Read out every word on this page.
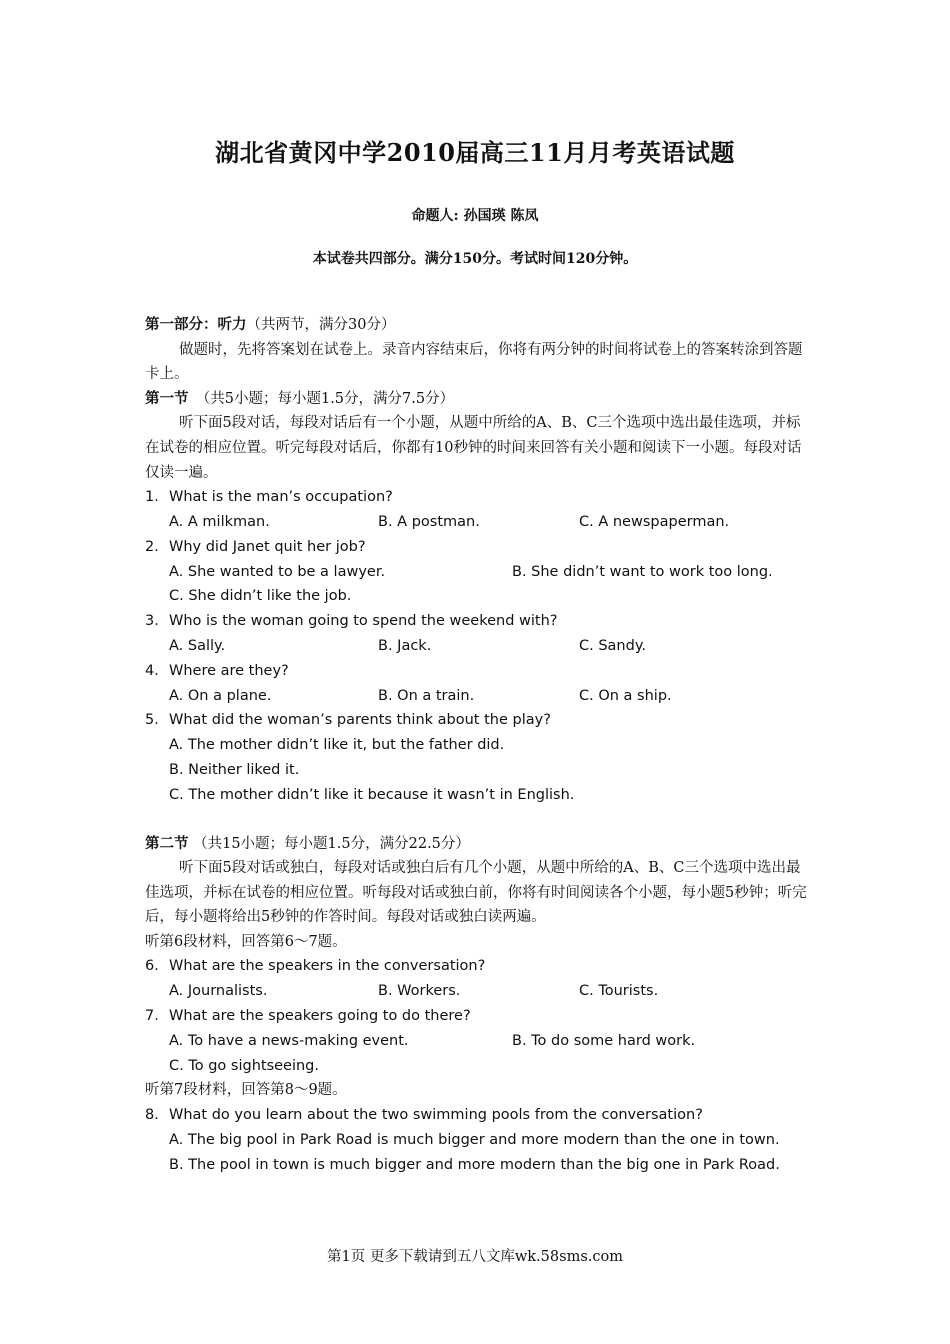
湖北省黄冈中学2010届高三11月月考英语试题
命题人: 孙国瑛 陈凤
本试卷共四部分。满分150分。考试时间120分钟。
第一部分：听力（共两节，满分30分）
做题时，先将答案划在试卷上。录音内容结束后，你将有两分钟的时间将试卷上的答案转涂到答题卡上。
第一节　（共5小题；每小题1.5分，满分7.5分）
听下面5段对话，每段对话后有一个小题，从题中所给的A、B、C三个选项中选出最佳选项，并标在试卷的相应位置。听完每段对话后，你都有10秒钟的时间来回答有关小题和阅读下一小题。每段对话仅读一遍。
1．What is the man’s occupation?
A. A milkman.	B. A postman.	C. A newspaperman.
2．Why did Janet quit her job?
A. She wanted to be a lawyer.	B. She didn’t want to work too long.
C. She didn’t like the job.
3．Who is the woman going to spend the weekend with?
A. Sally.	B. Jack.	C. Sandy.
4．Where are they?
A. On a plane.	B. On a train.	C. On a ship.
5．What did the woman’s parents think about the play?
A. The mother didn’t like it, but the father did.
B. Neither liked it.
C. The mother didn’t like it because it wasn’t in English.
第二节 （共15小题；每小题1.5分，满分22.5分）
听下面5段对话或独白，每段对话或独白后有几个小题，从题中所给的A、B、C三个选项中选出最佳选项，并标在试卷的相应位置。听每段对话或独白前，你将有时间阅读各个小题，每小题5秒钟；听完后，每小题将给出5秒钟的作答时间。每段对话或独白读两遍。
听第6段材料，回答第6～7题。
6．What are the speakers in the conversation?
A. Journalists.	B. Workers.	C. Tourists.
7．What are the speakers going to do there?
A. To have a news-making event.	B. To do some hard work.
C. To go sightseeing.
听第7段材料，回答第8～9题。
8．What do you learn about the two swimming pools from the conversation?
A. The big pool in Park Road is much bigger and more modern than the one in town.
B. The pool in town is much bigger and more modern than the big one in Park Road.
第1页 更多下载请到五八文库wk.58sms.com
